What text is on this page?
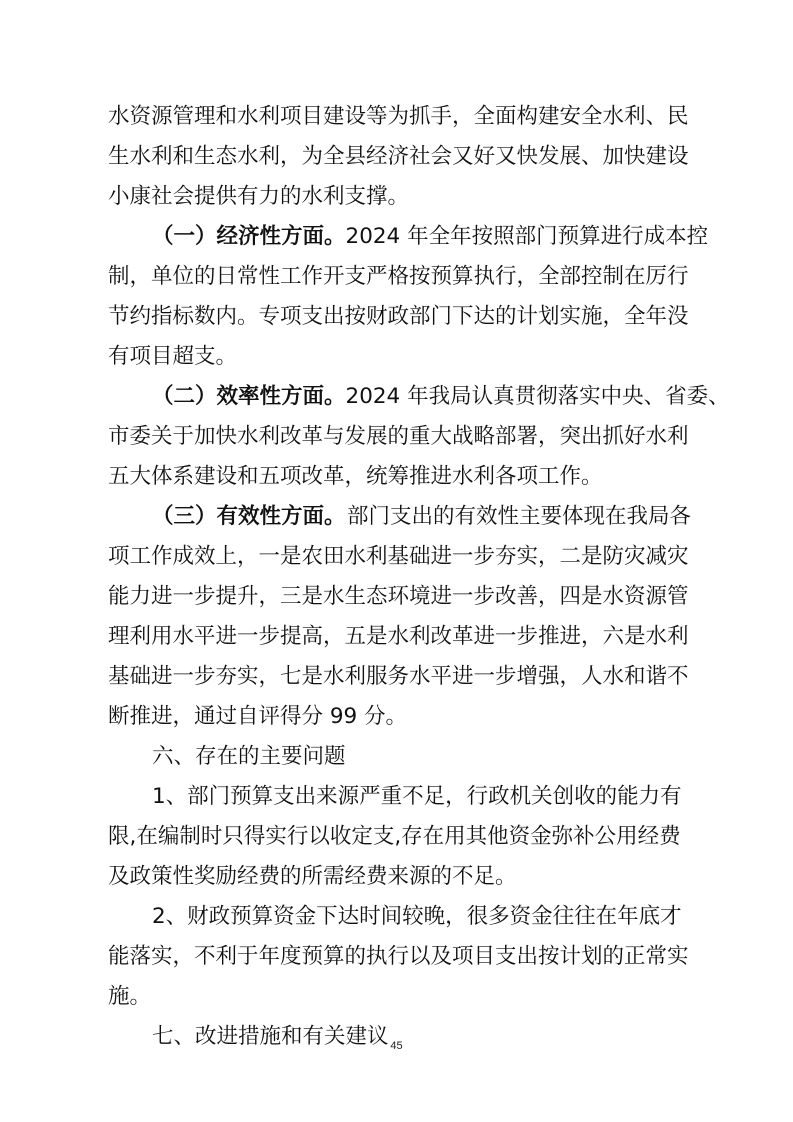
水资源管理和水利项目建设等为抓手，全面构建安全水利、民
生水利和生态水利，为全县经济社会又好又快发展、加快建设
小康社会提供有力的水利支撑。
（一）经济性方面。 2024 年全年按照部门预算进行成本控
制，单位的日常性工作开支严格按预算执行，全部控制在厉行
节约指标数内。专项支出按财政部门下达的计划实施，全年没
有项目超支。
（二）效率性方面。 2024 年我局认真贯彻落实中央、省委、
市委关于加快水利改革与发展的重大战略部署，突出抓好水利
五大体系建设和五项改革，统筹推进水利各项工作。
（三）有效性方面。 部门支出的有效性主要体现在我局各
项工作成效上，一是农田水利基础进一步夯实，二是防灾减灾
能力进一步提升，三是水生态环境进一步改善，四是水资源管
理利用水平进一步提高，五是水利改革进一步推进，六是水利
基础进一步夯实，七是水利服务水平进一步增强，人水和谐不
断推进，通过自评得分 99 分。
六、存在的主要问题
1、部门预算支出来源严重不足，行政机关创收的能力有
限,在编制时只得实行以收定支,存在用其他资金弥补公用经费
及政策性奖励经费的所需经费来源的不足。
2、财政预算资金下达时间较晚，很多资金往往在年底才
能落实，不利于年度预算的执行以及项目支出按计划的正常实
施。
七、改进措施和有关建议 45
